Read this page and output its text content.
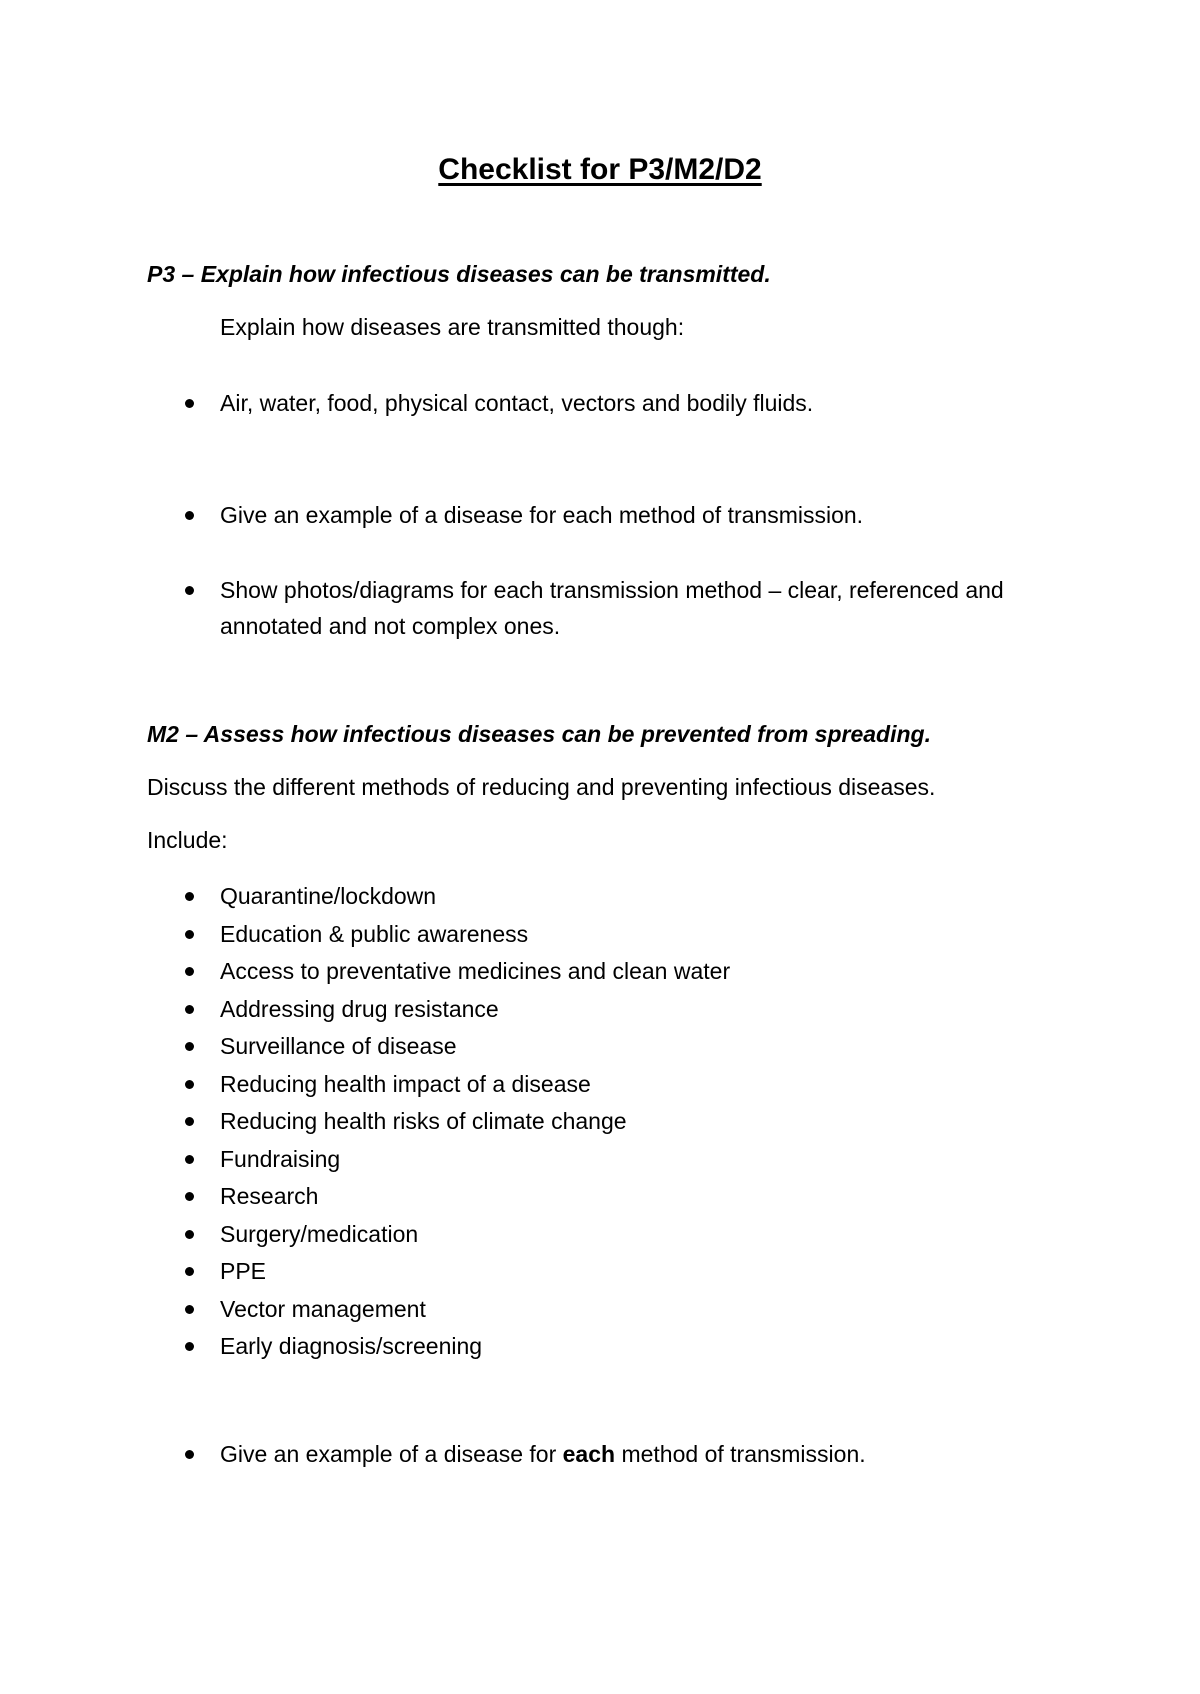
Checklist for P3/M2/D2
P3 – Explain how infectious diseases can be transmitted.
Explain how diseases are transmitted though:
Air, water, food, physical contact, vectors and bodily fluids.
Give an example of a disease for each method of transmission.
Show photos/diagrams for each transmission method – clear, referenced and annotated and not complex ones.
M2 – Assess how infectious diseases can be prevented from spreading.
Discuss the different methods of reducing and preventing infectious diseases.
Include:
Quarantine/lockdown
Education & public awareness
Access to preventative medicines and clean water
Addressing drug resistance
Surveillance of disease
Reducing health impact of a disease
Reducing health risks of climate change
Fundraising
Research
Surgery/medication
PPE
Vector management
Early diagnosis/screening
Give an example of a disease for each method of transmission.
